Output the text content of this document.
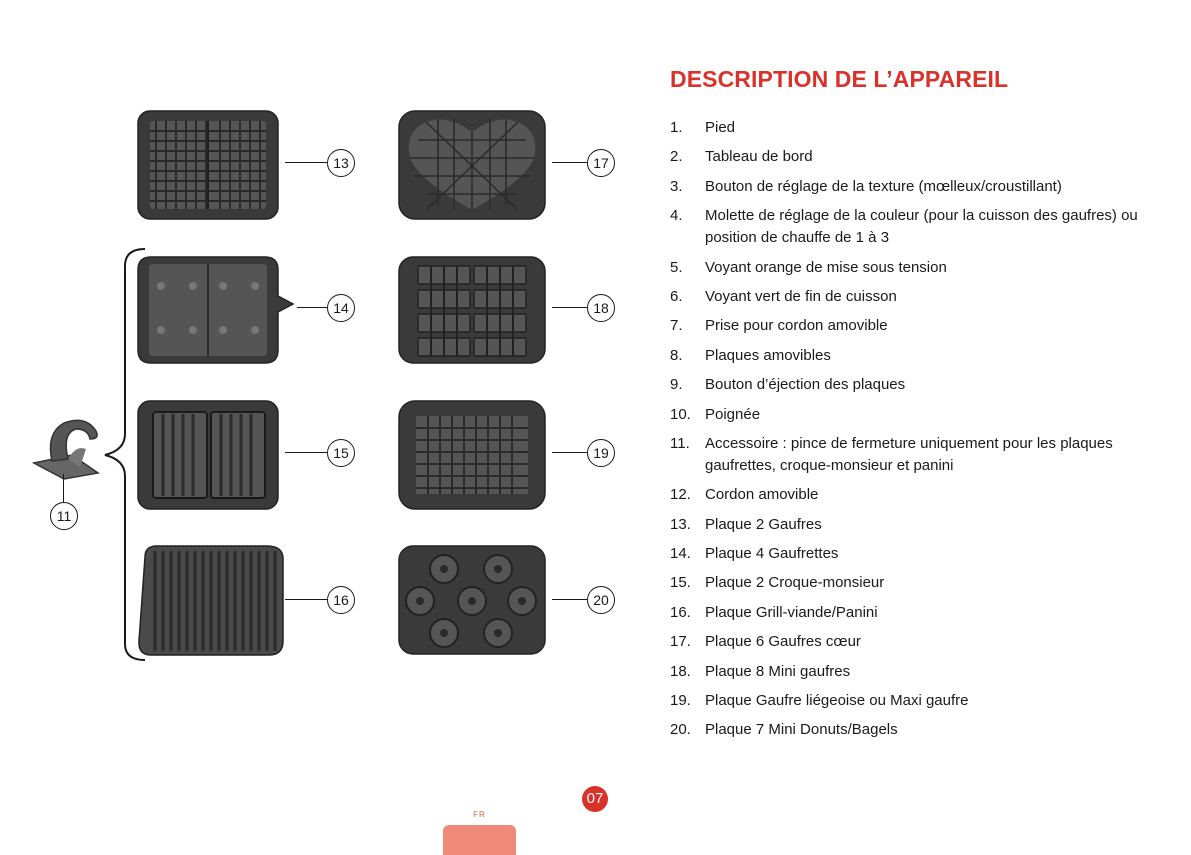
DESCRIPTION DE L’APPAREIL
1. Pied
2. Tableau de bord
3. Bouton de réglage de la texture (mœlleux/croustillant)
4. Molette de réglage de la couleur (pour la cuisson des gaufres) ou position de chauffe de 1 à 3
5. Voyant orange de mise sous tension
6. Voyant vert de fin de cuisson
7. Prise pour cordon amovible
8. Plaques amovibles
9. Bouton d’éjection des plaques
10. Poignée
11. Accessoire : pince de fermeture uniquement pour les plaques gaufrettes, croque-monsieur et panini
12. Cordon amovible
13. Plaque 2 Gaufres
14. Plaque 4 Gaufrettes
15. Plaque 2 Croque-monsieur
16. Plaque Grill-viande/Panini
17. Plaque 6 Gaufres cœur
18. Plaque 8 Mini gaufres
19. Plaque Gaufre liégeoise ou Maxi gaufre
20. Plaque 7 Mini Donuts/Bagels
11
13	17
14	18
15	19
16	20
07
FR
